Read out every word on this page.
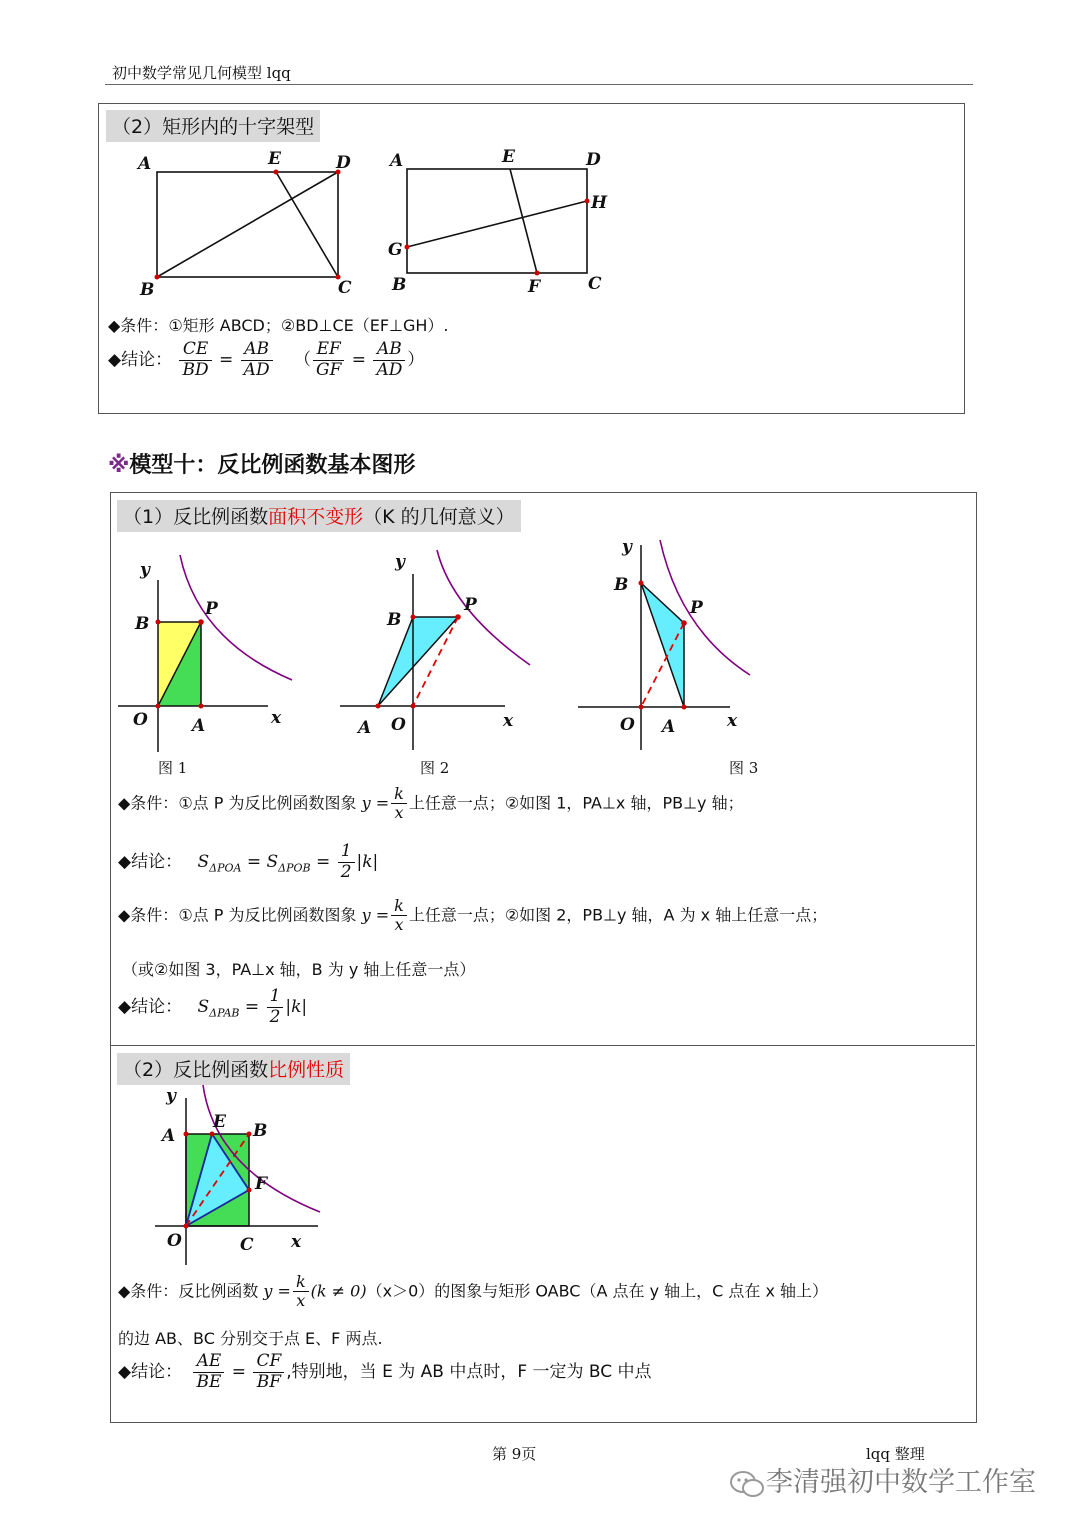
初中数学常见几何模型 lqq
（2）矩形内的十字架型
A	E	D
B	C
A	E	D
H
G
B	F	C
◆条件：①矩形 ABCD；②BD⊥CE（EF⊥GH）.
◆结论： $\frac{CE}{BD} = \frac{AB}{AD}$ （ $\frac{EF}{GF} = \frac{AB}{AD}$ ）
※模型十：反比例函数基本图形
（1）反比例函数面积不变形（K 的几何意义）
y
B
P
O	A	x
图 1
y
B
P
A O	x
图 2
y
B
P
O A	x
图 3
◆条件：①点 P 为反比例函数图象 $y = \frac{k}{x}$ 上任意一点；②如图 1，PA⊥x 轴，PB⊥y 轴；
◆结论： $S_{\Delta POA} = S_{\Delta POB} = \frac{1}{2} |k|$
◆条件：①点 P 为反比例函数图象 $y = \frac{k}{x}$ 上任意一点；②如图 2，PB⊥y 轴，A 为 x 轴上任意一点；
（或②如图 3，PA⊥x 轴，B 为 y 轴上任意一点）
◆结论： $S_{\Delta PAB} = \frac{1}{2} |k|$
（2）反比例函数比例性质
y
A
E B
F
O	C x
◆条件：反比例函数 $y = \frac{k}{x} (k \ne 0)(x>0)$的图象与矩形 OABC（A 点在 y 轴上，C 点在 x 轴上）
的边 AB、BC 分别交于点 E、F 两点.
◆结论： $\frac{AE}{BE} = \frac{CF}{BF}$ ,特别地，当 E 为 AB 中点时，F 一定为 BC 中点
第 9页	lqq 整理
李清强初中数学工作室
